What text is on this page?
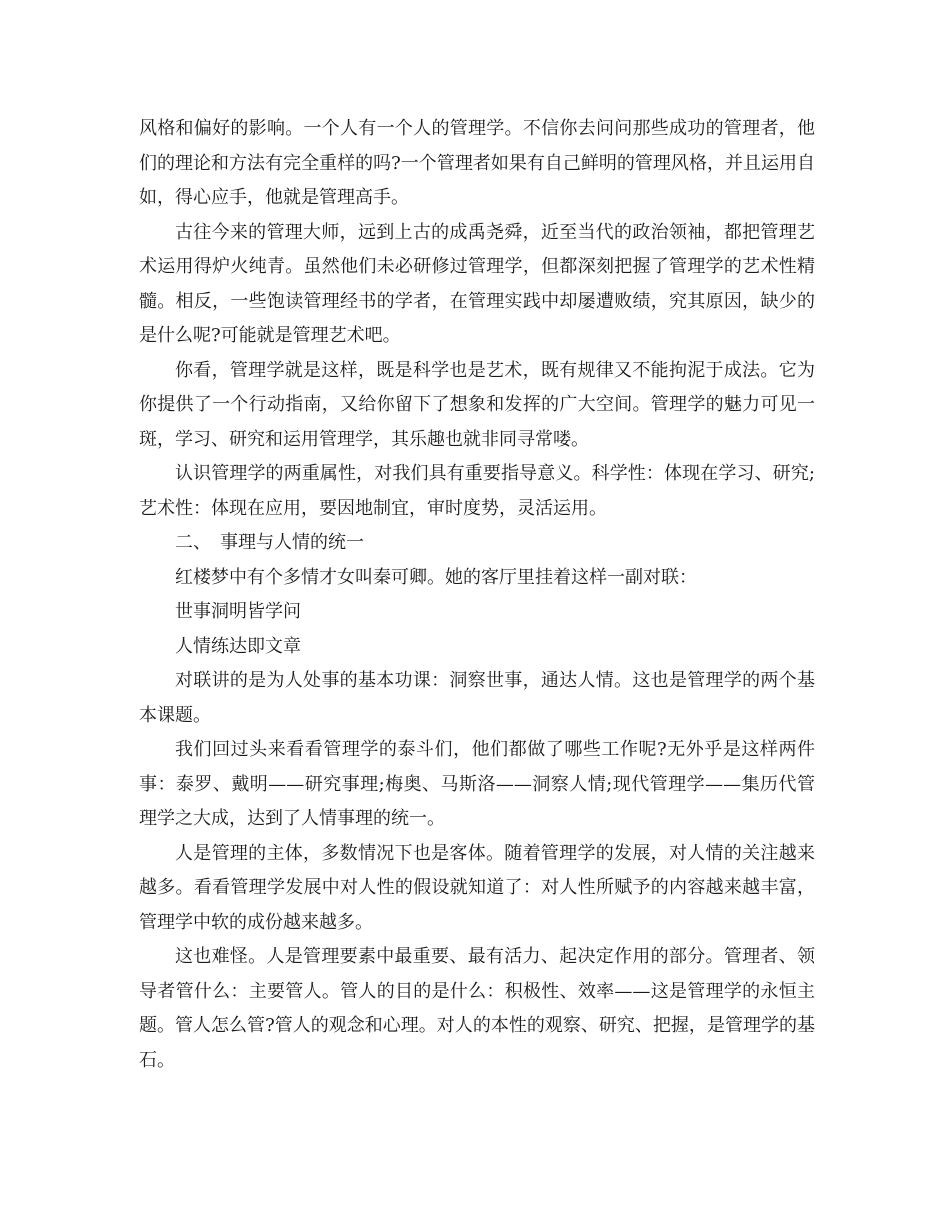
风格和偏好的影响。一个人有一个人的管理学。不信你去问问那些成功的管理者，他们的理论和方法有完全重样的吗?一个管理者如果有自己鲜明的管理风格，并且运用自如，得心应手，他就是管理高手。

古往今来的管理大师，远到上古的成禹尧舜，近至当代的政治领袖，都把管理艺术运用得炉火纯青。虽然他们未必研修过管理学，但都深刻把握了管理学的艺术性精髓。相反，一些饱读管理经书的学者，在管理实践中却屡遭败绩，究其原因，缺少的是什么呢?可能就是管理艺术吧。

你看，管理学就是这样，既是科学也是艺术，既有规律又不能拘泥于成法。它为你提供了一个行动指南，又给你留下了想象和发挥的广大空间。管理学的魅力可见一斑，学习、研究和运用管理学，其乐趣也就非同寻常喽。

认识管理学的两重属性，对我们具有重要指导意义。科学性：体现在学习、研究;艺术性：体现在应用，要因地制宜，审时度势，灵活运用。

二、　事理与人情的统一

红楼梦中有个多情才女叫秦可卿。她的客厅里挂着这样一副对联：

世事洞明皆学问

人情练达即文章

对联讲的是为人处事的基本功课：洞察世事，通达人情。这也是管理学的两个基本课题。

我们回过头来看看管理学的泰斗们，他们都做了哪些工作呢?无外乎是这样两件事：泰罗、戴明——研究事理;梅奥、马斯洛——洞察人情;现代管理学——集历代管理学之大成，达到了人情事理的统一。

人是管理的主体，多数情况下也是客体。随着管理学的发展，对人情的关注越来越多。看看管理学发展中对人性的假设就知道了：对人性所赋予的内容越来越丰富，管理学中软的成份越来越多。

这也难怪。人是管理要素中最重要、最有活力、起决定作用的部分。管理者、领导者管什么：主要管人。管人的目的是什么：积极性、效率——这是管理学的永恒主题。管人怎么管?管人的观念和心理。对人的本性的观察、研究、把握，是管理学的基石。
